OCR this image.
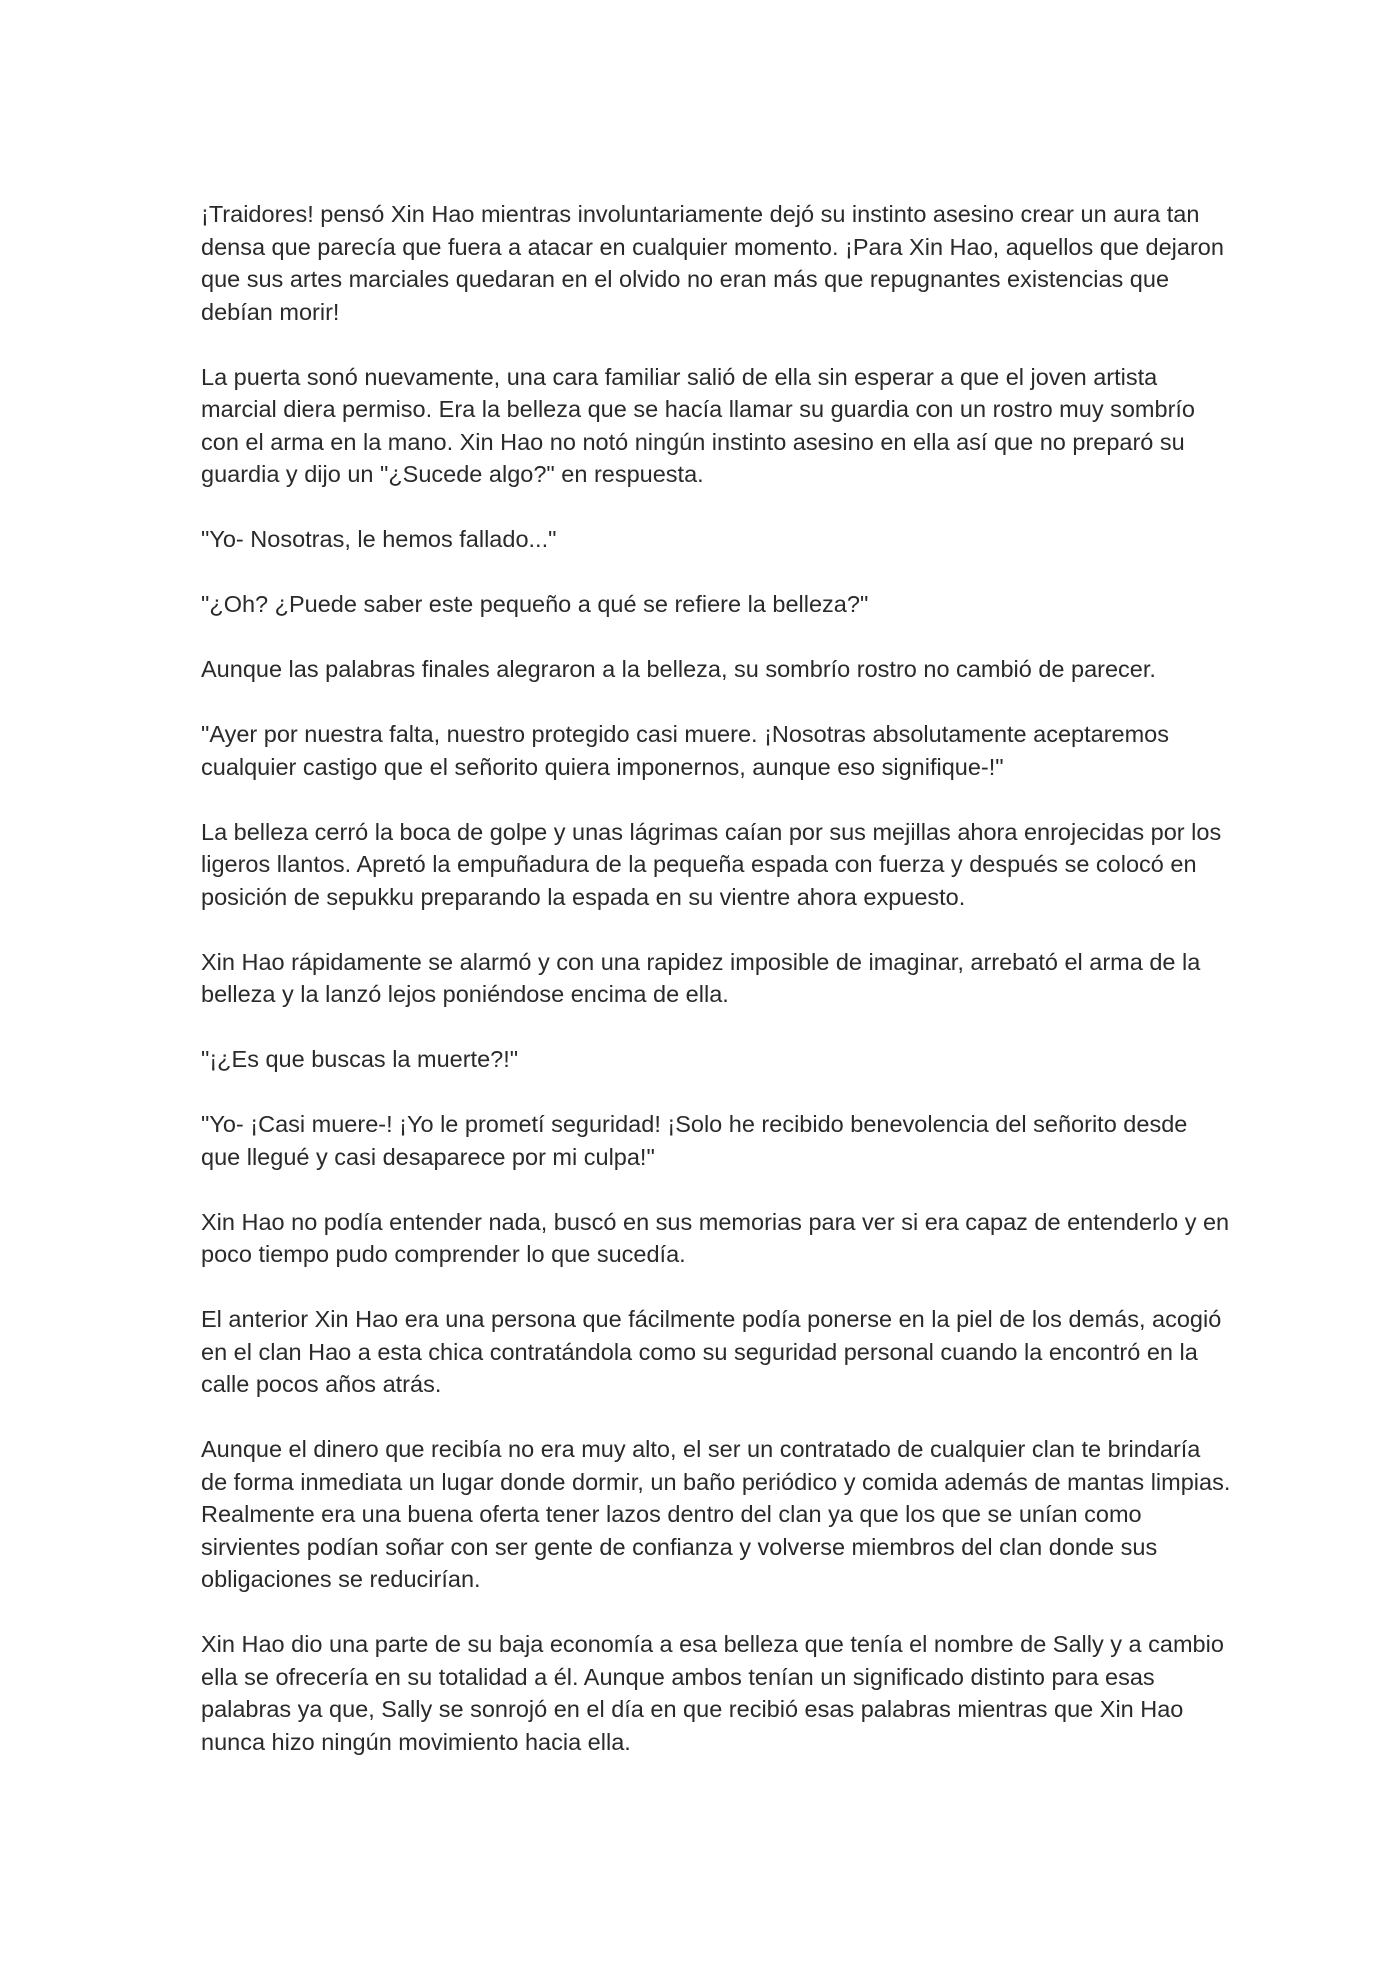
¡Traidores! pensó Xin Hao mientras involuntariamente dejó su instinto asesino crear un aura tan densa que parecía que fuera a atacar en cualquier momento. ¡Para Xin Hao, aquellos que dejaron que sus artes marciales quedaran en el olvido no eran más que repugnantes existencias que debían morir!

La puerta sonó nuevamente, una cara familiar salió de ella sin esperar a que el joven artista marcial diera permiso. Era la belleza que se hacía llamar su guardia con un rostro muy sombrío con el arma en la mano. Xin Hao no notó ningún instinto asesino en ella así que no preparó su guardia y dijo un "¿Sucede algo?" en respuesta.

"Yo- Nosotras, le hemos fallado..."

"¿Oh? ¿Puede saber este pequeño a qué se refiere la belleza?"

Aunque las palabras finales alegraron a la belleza, su sombrío rostro no cambió de parecer.

"Ayer por nuestra falta, nuestro protegido casi muere. ¡Nosotras absolutamente aceptaremos cualquier castigo que el señorito quiera imponernos, aunque eso signifique-!"

La belleza cerró la boca de golpe y unas lágrimas caían por sus mejillas ahora enrojecidas por los ligeros llantos. Apretó la empuñadura de la pequeña espada con fuerza y después se colocó en posición de sepukku preparando la espada en su vientre ahora expuesto.

Xin Hao rápidamente se alarmó y con una rapidez imposible de imaginar, arrebató el arma de la belleza y la lanzó lejos poniéndose encima de ella.

"¡¿Es que buscas la muerte?!"

"Yo- ¡Casi muere-! ¡Yo le prometí seguridad! ¡Solo he recibido benevolencia del señorito desde que llegué y casi desaparece por mi culpa!"

Xin Hao no podía entender nada, buscó en sus memorias para ver si era capaz de entenderlo y en poco tiempo pudo comprender lo que sucedía.

El anterior Xin Hao era una persona que fácilmente podía ponerse en la piel de los demás, acogió en el clan Hao a esta chica contratándola como su seguridad personal cuando la encontró en la calle pocos años atrás.

Aunque el dinero que recibía no era muy alto, el ser un contratado de cualquier clan te brindaría de forma inmediata un lugar donde dormir, un baño periódico y comida además de mantas limpias. Realmente era una buena oferta tener lazos dentro del clan ya que los que se unían como sirvientes podían soñar con ser gente de confianza y volverse miembros del clan donde sus obligaciones se reducirían.

Xin Hao dio una parte de su baja economía a esa belleza que tenía el nombre de Sally y a cambio ella se ofrecería en su totalidad a él. Aunque ambos tenían un significado distinto para esas palabras ya que, Sally se sonrojó en el día en que recibió esas palabras mientras que Xin Hao nunca hizo ningún movimiento hacia ella.
